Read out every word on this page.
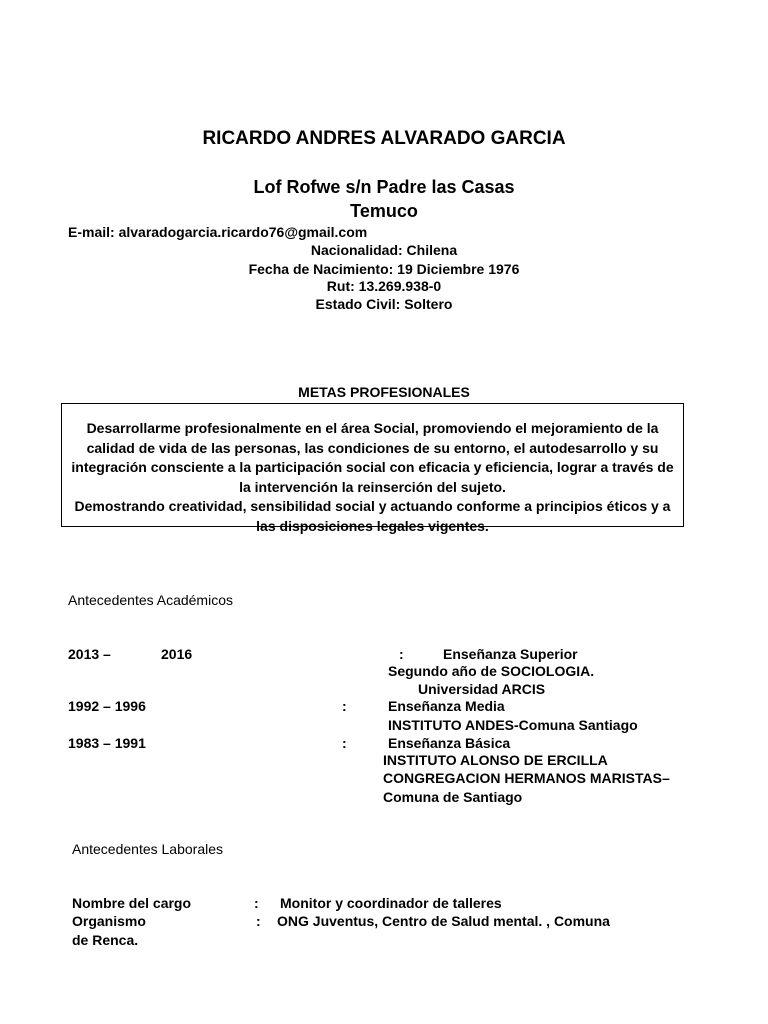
RICARDO ANDRES ALVARADO GARCIA
Lof Rofwe s/n Padre las Casas
Temuco
E-mail: alvaradogarcia.ricardo76@gmail.com
Nacionalidad: Chilena
Fecha de Nacimiento: 19 Diciembre 1976
Rut: 13.269.938-0
Estado Civil: Soltero
METAS PROFESIONALES

Desarrollarme profesionalmente en el área Social, promoviendo el mejoramiento de la calidad de vida de las personas, las condiciones de su entorno, el autodesarrollo y su integración consciente a la participación social con eficacia y eficiencia, lograr a través de la intervención la reinserción del sujeto.

Demostrando creatividad, sensibilidad social y actuando conforme a principios éticos y a las disposiciones legales vigentes.

Antecedentes Académicos
2013 –	2016	:	Enseñanza Superior
Segundo año de SOCIOLOGIA.
Universidad ARCIS
1992 – 1996	:	Enseñanza Media
INSTITUTO ANDES-Comuna Santiago
1983 – 1991	:	Enseñanza Básica
INSTITUTO ALONSO DE ERCILLA
CONGREGACION HERMANOS MARISTAS–
Comuna de Santiago
Antecedentes Laborales
Nombre del cargo	: Monitor y coordinador de talleres
Organismo	: ONG Juventus, Centro de Salud mental. , Comuna
de Renca.
